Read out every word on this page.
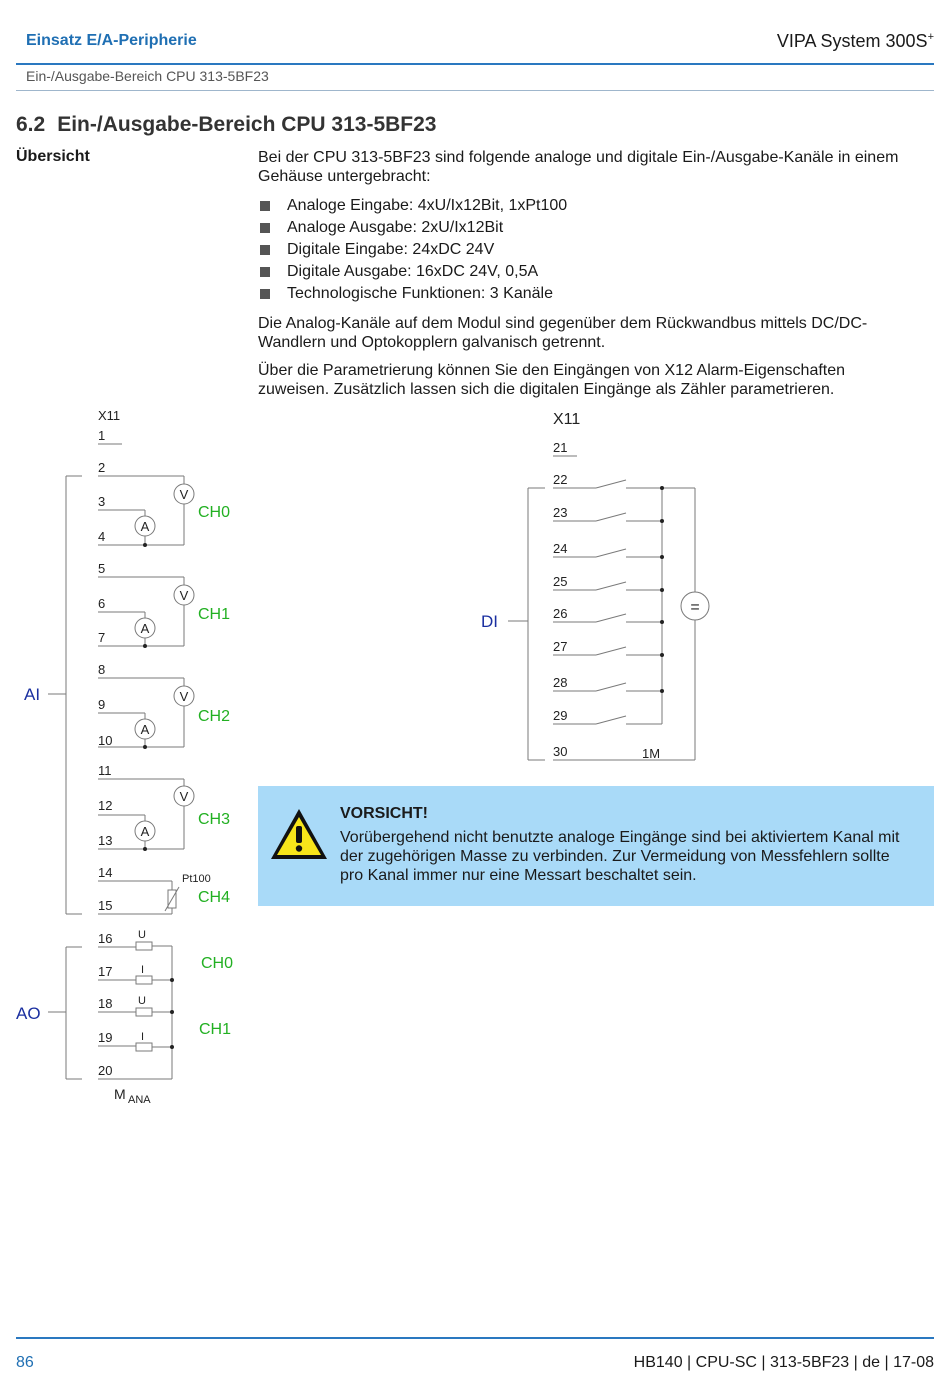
Einsatz E/A-Peripherie	VIPA System 300S+
Ein-/Ausgabe-Bereich CPU 313-5BF23
6.2 Ein-/Ausgabe-Bereich CPU 313-5BF23
Übersicht	Bei der CPU 313-5BF23 sind folgende analoge und digitale Ein-/Ausgabe-Kanäle in einem Gehäuse untergebracht:
Analoge Eingabe: 4xU/Ix12Bit, 1xPt100
Analoge Ausgabe: 2xU/Ix12Bit
Digitale Eingabe: 24xDC 24V
Digitale Ausgabe: 16xDC 24V, 0,5A
Technologische Funktionen: 3 Kanäle
Die Analog-Kanäle auf dem Modul sind gegenüber dem Rückwandbus mittels DC/DC-Wandlern und Optokopplern galvanisch getrennt.
Über die Parametrierung können Sie den Eingängen von X12 Alarm-Eigenschaften zuweisen. Zusätzlich lassen sich die digitalen Eingänge als Zähler parametrieren.
X11
1
2
3
4
5
6
7
8
9
10
11
12
13
14
15
16
17
18
19
20
V
A
V
A
V
A
V
A
Pt100
U
I
U
I
ANA
M
CH0
CH1
CH2
CH3
CH4
CH0
CH1
AI
AO
X11
21
22
23
24
25
26
27
28
29
30	1M
=
DI
VORSICHT!
Vorübergehend nicht benutzte analoge Eingänge sind bei aktiviertem Kanal mit der zugehörigen Masse zu verbinden. Zur Vermeidung von Messfehlern sollte pro Kanal immer nur eine Messart beschaltet sein.
86	HB140 | CPU-SC | 313-5BF23 | de | 17-08
